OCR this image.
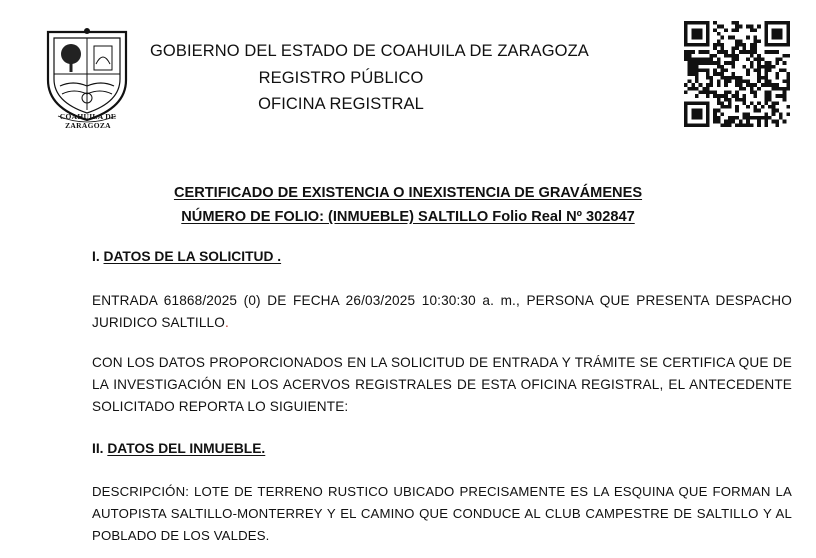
COAHUILA DE ZARAGOZA
GOBIERNO DEL ESTADO DE COAHUILA DE ZARAGOZA
REGISTRO PÚBLICO
OFICINA REGISTRAL
CERTIFICADO DE EXISTENCIA O INEXISTENCIA DE GRAVÁMENES
NÚMERO DE FOLIO: (INMUEBLE) SALTILLO Folio Real Nº 302847
I. DATOS DE LA SOLICITUD .
ENTRADA 61868/2025 (0) DE FECHA 26/03/2025 10:30:30 a. m., PERSONA QUE PRESENTA DESPACHO JURIDICO SALTILLO.
CON LOS DATOS PROPORCIONADOS EN LA SOLICITUD DE ENTRADA Y TRÁMITE SE CERTIFICA QUE DE LA INVESTIGACIÓN EN LOS ACERVOS REGISTRALES DE ESTA OFICINA REGISTRAL, EL ANTECEDENTE SOLICITADO REPORTA LO SIGUIENTE:
II. DATOS DEL INMUEBLE.
DESCRIPCIÓN: LOTE DE TERRENO RUSTICO UBICADO PRECISAMENTE ES LA ESQUINA QUE FORMAN LA AUTOPISTA SALTILLO-MONTERREY Y EL CAMINO QUE CONDUCE AL CLUB CAMPESTRE DE SALTILLO Y AL POBLADO DE LOS VALDES.
